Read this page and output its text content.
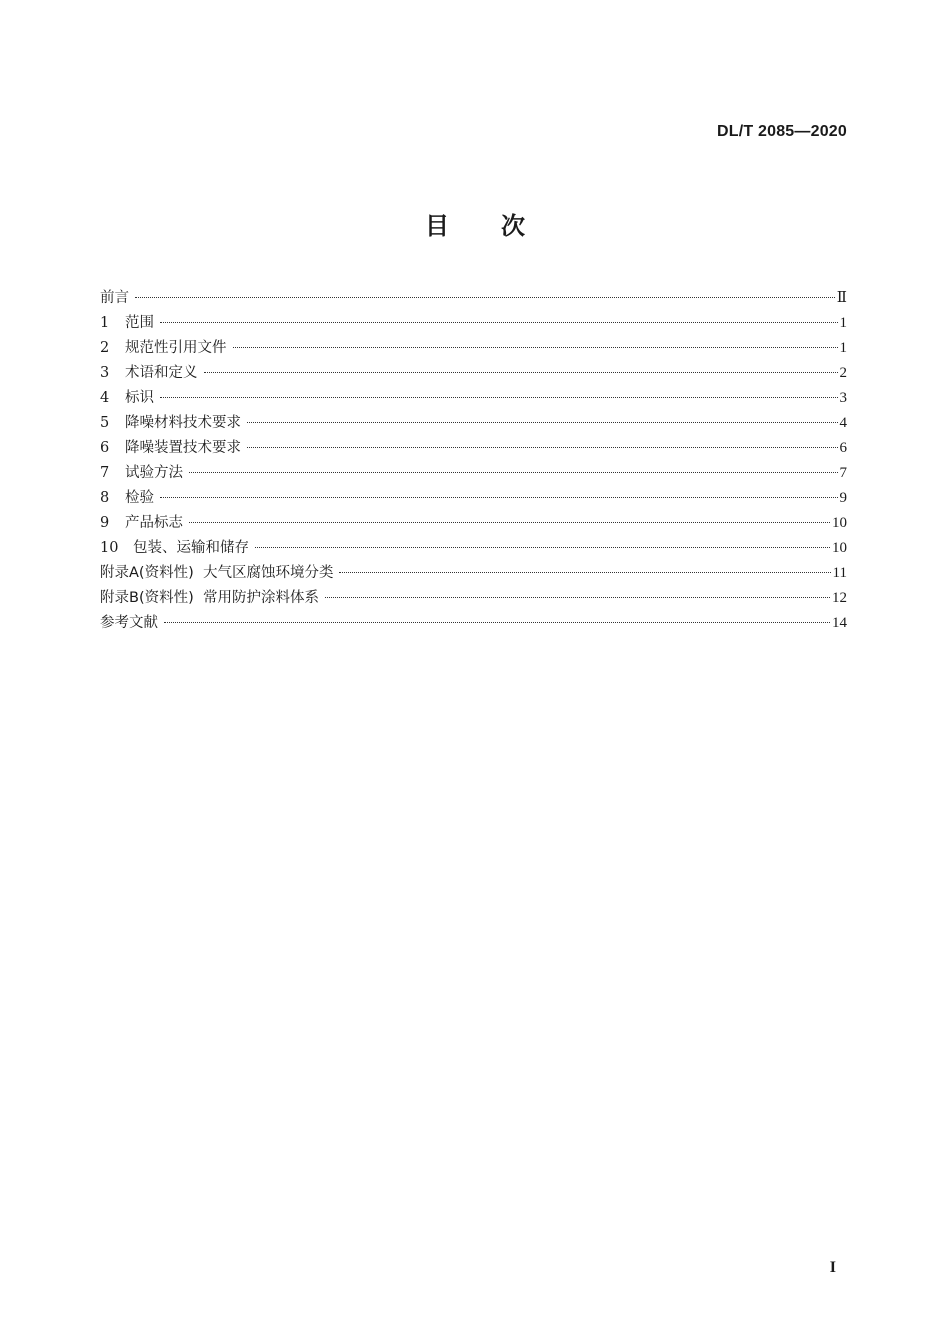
DL/T 2085—2020
目 次
前言	Ⅱ
1	范围	1
2	规范性引用文件	1
3	术语和定义	2
4	标识	3
5	降噪材料技术要求	4
6	降噪装置技术要求	6
7	试验方法	7
8	检验	9
9	产品标志	10
10	包装、运输和储存	10
附录A(资料性)  大气区腐蚀环境分类	11
附录B(资料性)  常用防护涂料体系	12
参考文献	14
I
